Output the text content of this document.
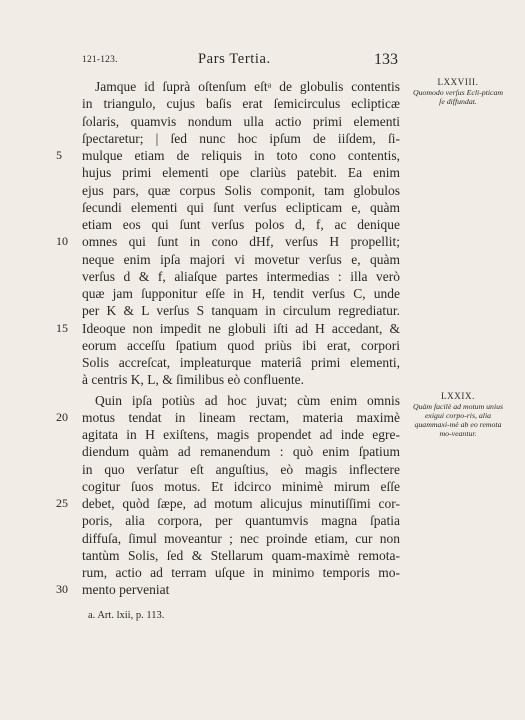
121-123.	Pars Tertia.	133
Jamque id ſuprà oſtenſum eſtᵃ de globulis contentis
in triangulo, cujus baſis erat ſemicirculus eclipticæ
ſolaris, quamvis nondum ulla actio primi elementi
ſpectaretur; | ſed nunc hoc ipſum de iiſdem, ſi-
mulque etiam de reliquis in toto cono contentis,
hujus primi elementi ope clariùs patebit. Ea enim
ejus pars, quæ corpus Solis componit, tam globulos
ſecundi elementi qui ſunt verſus eclipticam e, quàm
etiam eos qui ſunt verſus polos d, f, ac denique
omnes qui ſunt in cono dHf, verſus H propellit;
neque enim ipſa majori vi movetur verſus e, quàm
verſus d & f, aliaſque partes intermedias : illa verò
quæ jam ſupponitur eſſe in H, tendit verſus C, unde
per K & L verſus S tanquam in circulum regrediatur.
Ideoque non impedit ne globuli iſti ad H accedant, &
eorum acceſſu ſpatium quod priùs ibi erat, corpori
Solis accreſcat, impleaturque materiâ primi elementi,
à centris K, L, & ſimilibus eò confluente.
Quin ipſa potiùs ad hoc juvat; cùm enim omnis
motus tendat in lineam rectam, materia maximè
agitata in H exiſtens, magis propendet ad inde egre-
diendum quàm ad remanendum : quò enim ſpatium
in quo verſatur eſt anguſtius, eò magis inflectere
cogitur ſuos motus. Et idcirco minimè mirum eſſe
debet, quòd ſæpe, ad motum alicujus minutiſſimi cor-
poris, alia corpora, per quantumvis magna ſpatia
diffuſa, ſimul moveantur ; nec proinde etiam, cur non
tantùm Solis, ſed & Stellarum quam-maximè remota-
rum, actio ad terram uſque in minimo temporis mo-
mento perveniat
5
10
15
20
25
30
LXXVIII.
Quomodo verſus Ecli-pticam ſe diffundat.
LXXIX.
Quàm facilè ad motum unius exigui corpo-ris, alia quammaxi-mè ab eo remota mo-veantur.
a. Art. lxii, p. 113.
